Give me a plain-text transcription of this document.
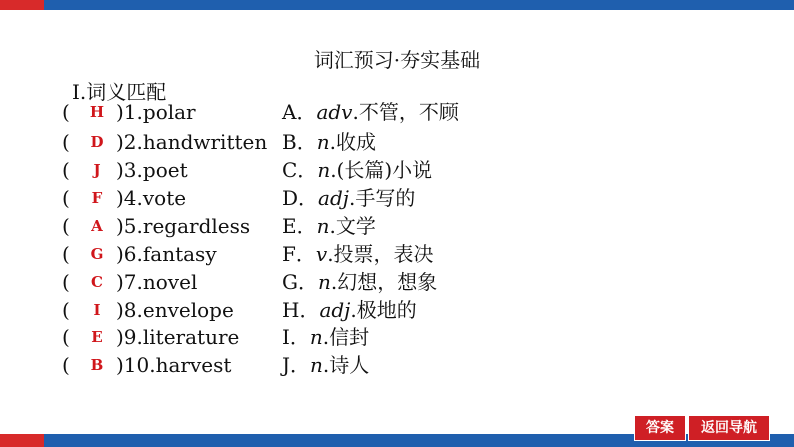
词汇预习·夯实基础
Ⅰ.词义匹配
( H )1.polar	A．adv.不管，不顾
( D )2.handwritten B．n.收成
(	J )3.poet	C．n.(长篇)小说
( F )4.vote	D．adj.手写的
( A )5.regardless E．n.文学
( G )6.fantasy	F．v.投票，表决
( C )7.novel	G．n.幻想，想象
(	I )8.envelope H．adj.极地的
( E )9.literature I．n.信封
( B )10.harvest	J．n.诗人
答案	返回导航
